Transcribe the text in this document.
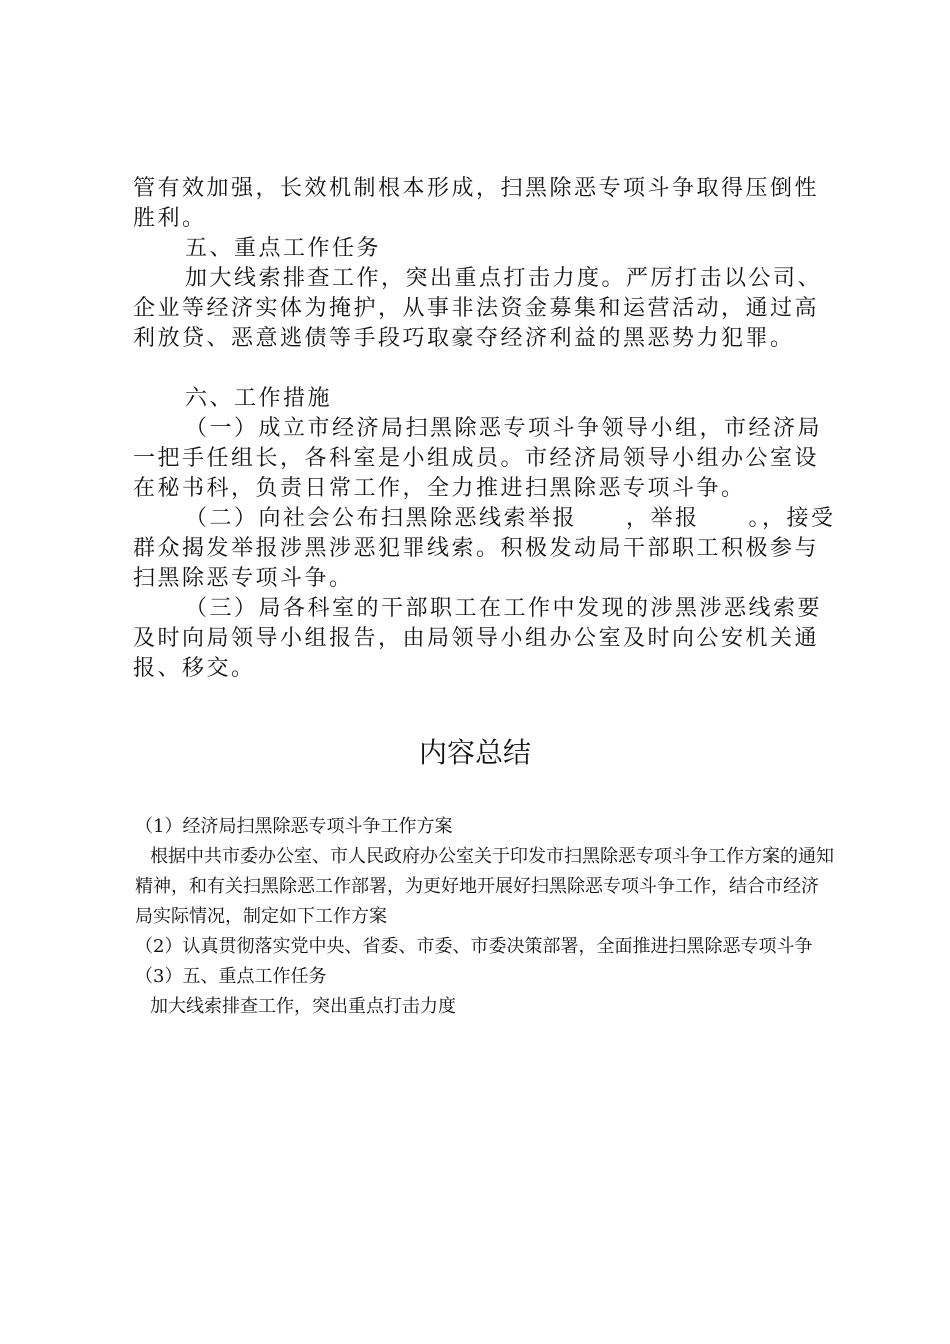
管有效加强，长效机制根本形成，扫黑除恶专项斗争取得压倒性胜利。

五、重点工作任务

加大线索排查工作，突出重点打击力度。严厉打击以公司、企业等经济实体为掩护，从事非法资金募集和运营活动，通过高利放贷、恶意逃债等手段巧取豪夺经济利益的黑恶势力犯罪。

六、工作措施

（一）成立市经济局扫黑除恶专项斗争领导小组，市经济局一把手任组长，各科室是小组成员。市经济局领导小组办公室设在秘书科，负责日常工作，全力推进扫黑除恶专项斗争。

（二）向社会公布扫黑除恶线索举报　　，举报　　。，接受群众揭发举报涉黑涉恶犯罪线索。积极发动局干部职工积极参与扫黑除恶专项斗争。

（三）局各科室的干部职工在工作中发现的涉黑涉恶线索要及时向局领导小组报告，由局领导小组办公室及时向公安机关通报、移交。

内容总结

（1）经济局扫黑除恶专项斗争工作方案

根据中共市委办公室、市人民政府办公室关于印发市扫黑除恶专项斗争工作方案的通知精神，和有关扫黑除恶工作部署，为更好地开展好扫黑除恶专项斗争工作，结合市经济局实际情况，制定如下工作方案

（2）认真贯彻落实党中央、省委、市委、市委决策部署，全面推进扫黑除恶专项斗争

（3）五、重点工作任务

加大线索排查工作，突出重点打击力度
